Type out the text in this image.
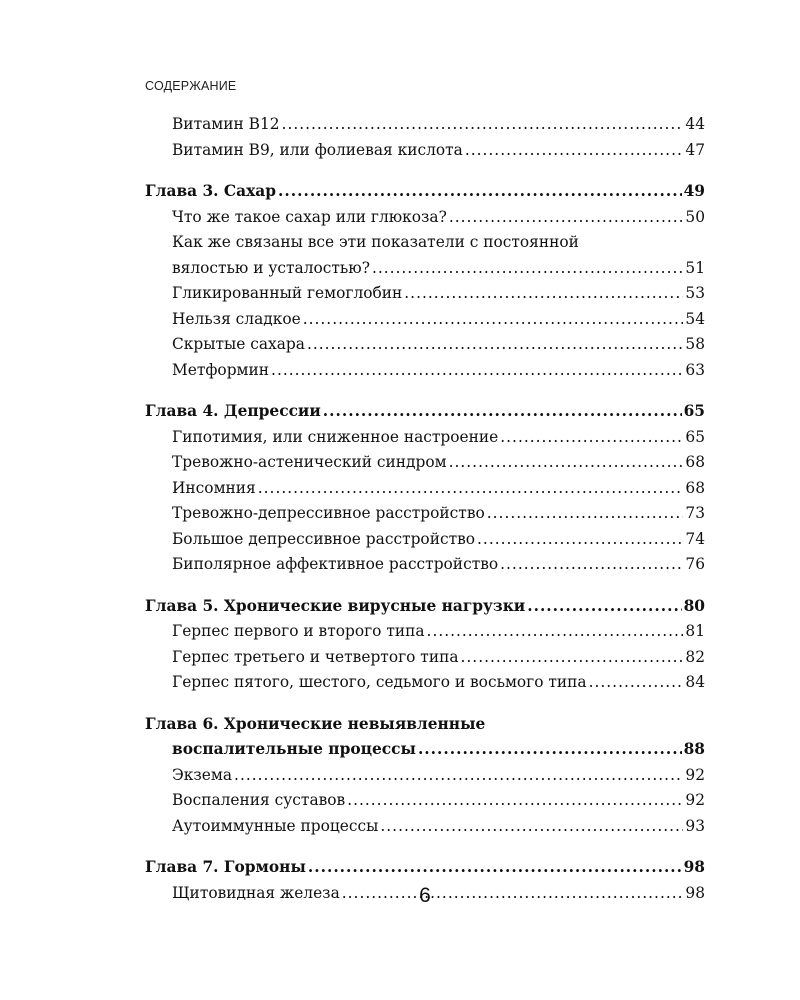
СОДЕРЖАНИЕ
Витамин В12 .....	44
Витамин В9, или фолиевая кислота .....	47
Глава 3. Сахар .....	49
Что же такое сахар или глюкоза? .....	50
Как же связаны все эти показатели с постоянной
вялостью и усталостью? .....	51
Гликированный гемоглобин .....	53
Нельзя сладкое .....	54
Скрытые сахара .....	58
Метформин .....	63
Глава 4. Депрессии .....	65
Гипотимия, или сниженное настроение .....	65
Тревожно-астенический синдром .....	68
Инсомния .....	68
Тревожно-депрессивное расстройство .....	73
Большое депрессивное расстройство .....	74
Биполярное аффективное расстройство .....	76
Глава 5. Хронические вирусные нагрузки .....	80
Герпес первого и второго типа .....	81
Герпес третьего и четвертого типа .....	82
Герпес пятого, шестого, седьмого и восьмого типа .....	84
Глава 6. Хронические невыявленные
воспалительные процессы .....	88
Экзема .....	92
Воспаления суставов .....	92
Аутоиммунные процессы .....	93
Глава 7. Гормоны .....	98
Щитовидная железа .....	98
6
